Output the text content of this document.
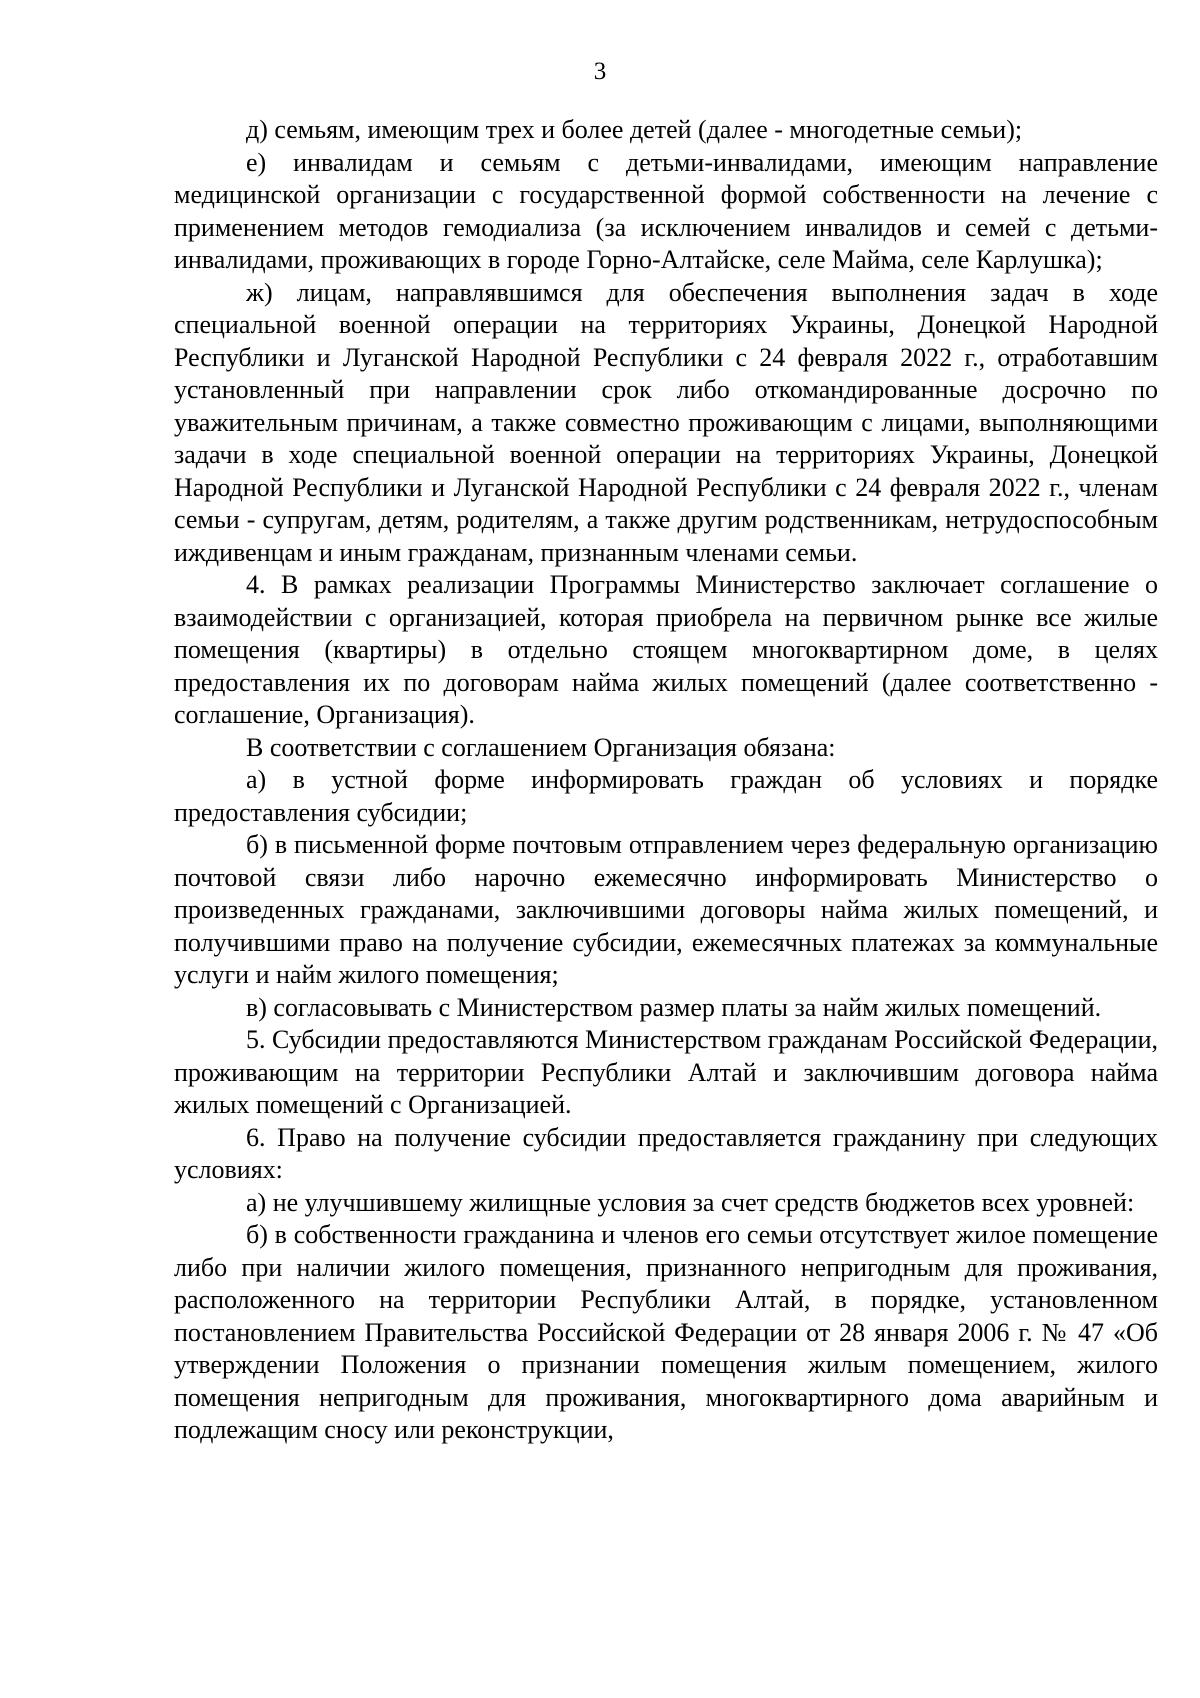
3

д) семьям, имеющим трех и более детей (далее - многодетные семьи);

е) инвалидам и семьям с детьми-инвалидами, имеющим направление медицинской организации с государственной формой собственности на лечение с применением методов гемодиализа (за исключением инвалидов и семей с детьми-инвалидами, проживающих в городе Горно-Алтайске, селе Майма, селе Карлушка);

ж) лицам, направлявшимся для обеспечения выполнения задач в ходе специальной военной операции на территориях Украины, Донецкой Народной Республики и Луганской Народной Республики с 24 февраля 2022 г., отработавшим установленный при направлении срок либо откомандированные досрочно по уважительным причинам, а также совместно проживающим с лицами, выполняющими задачи в ходе специальной военной операции на территориях Украины, Донецкой Народной Республики и Луганской Народной Республики с 24 февраля 2022 г., членам семьи - супругам, детям, родителям, а также другим родственникам, нетрудоспособным иждивенцам и иным гражданам, признанным членами семьи.

4. В рамках реализации Программы Министерство заключает соглашение о взаимодействии с организацией, которая приобрела на первичном рынке все жилые помещения (квартиры) в отдельно стоящем многоквартирном доме, в целях предоставления их по договорам найма жилых помещений (далее соответственно - соглашение, Организация).

В соответствии с соглашением Организация обязана:

а) в устной форме информировать граждан об условиях и порядке предоставления субсидии;

б) в письменной форме почтовым отправлением через федеральную организацию почтовой связи либо нарочно ежемесячно информировать Министерство о произведенных гражданами, заключившими договоры найма жилых помещений, и получившими право на получение субсидии, ежемесячных платежах за коммунальные услуги и найм жилого помещения;

в) согласовывать с Министерством размер платы за найм жилых помещений.

5. Субсидии предоставляются Министерством гражданам Российской Федерации, проживающим на территории Республики Алтай и заключившим договора найма жилых помещений с Организацией.

6. Право на получение субсидии предоставляется гражданину при следующих условиях:

а) не улучшившему жилищные условия за счет средств бюджетов всех уровней:

б) в собственности гражданина и членов его семьи отсутствует жилое помещение либо при наличии жилого помещения, признанного непригодным для проживания, расположенного на территории Республики Алтай, в порядке, установленном постановлением Правительства Российской Федерации от 28 января 2006 г. № 47 «Об утверждении Положения о признании помещения жилым помещением, жилого помещения непригодным для проживания, многоквартирного дома аварийным и подлежащим сносу или реконструкции,
